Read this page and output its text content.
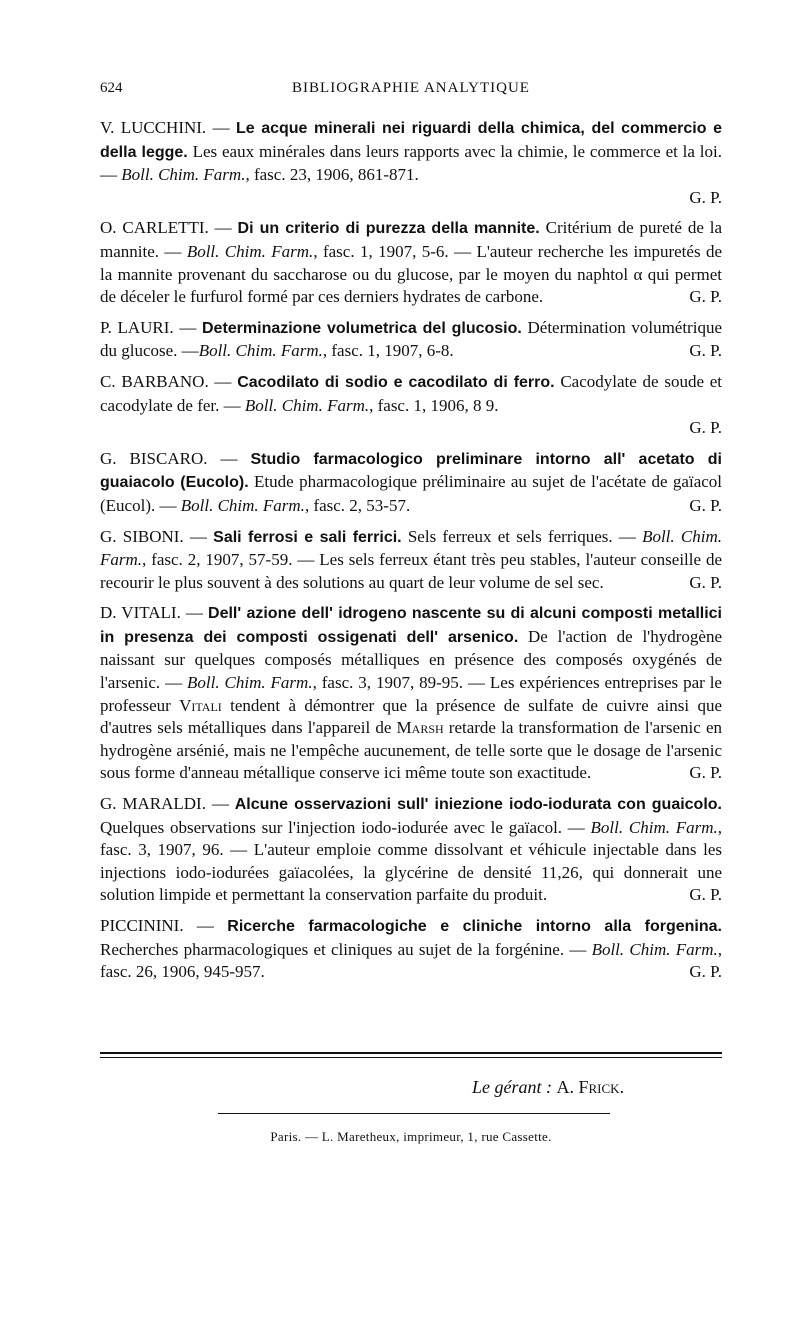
624	BIBLIOGRAPHIE ANALYTIQUE

V. LUCCHINI. — Le acque minerali nei riguardi della chimica, del commercio e della legge. Les eaux minérales dans leurs rapports avec la chimie, le commerce et la loi. — Boll. Chim. Farm., fasc. 23, 1906, 861-871.
G. P.

O. CARLETTI. — Di un criterio di purezza della mannite. Critérium de pureté de la mannite. — Boll. Chim. Farm., fasc. 1, 1907, 5-6. — L'auteur recherche les impuretés de la mannite provenant du saccharose ou du glucose, par le moyen du naphtol α qui permet de déceler le furfurol formé par ces derniers hydrates de carbone.	G. P.

P. LAURI. — Determinazione volumetrica del glucosio. Détermination volumétrique du glucose. —Boll. Chim. Farm., fasc. 1, 1907, 6-8.	G. P.

C. BARBANO. — Cacodilato di sodio e cacodilato di ferro. Cacodylate de soude et cacodylate de fer. — Boll. Chim. Farm., fasc. 1, 1906, 8 9.
G. P.

G. BISCARO. — Studio farmacologico preliminare intorno all' acetato di guaiacolo (Eucolo). Etude pharmacologique préliminaire au sujet de l'acétate de gaïacol (Eucol). — Boll. Chim. Farm., fasc. 2, 53-57.	G. P.

G. SIBONI. — Sali ferrosi e sali ferrici. Sels ferreux et sels ferriques. — Boll. Chim. Farm., fasc. 2, 1907, 57-59. — Les sels ferreux étant très peu stables, l'auteur conseille de recourir le plus souvent à des solutions au quart de leur volume de sel sec.	G. P.

D. VITALI. — Dell' azione dell' idrogeno nascente su di alcuni composti metallici in presenza dei composti ossigenati dell' arsenico. De l'action de l'hydrogène naissant sur quelques composés métalliques en présence des composés oxygénés de l'arsenic. — Boll. Chim. Farm., fasc. 3, 1907, 89-95. — Les expériences entreprises par le professeur Vitali tendent à démontrer que la présence de sulfate de cuivre ainsi que d'autres sels métalliques dans l'appareil de Marsh retarde la transformation de l'arsenic en hydrogène arsénié, mais ne l'empêche aucunement, de telle sorte que le dosage de l'arsenic sous forme d'anneau métallique conserve ici même toute son exactitude.	G. P.

G. MARALDI. — Alcune osservazioni sull' iniezione iodo-iodurata con guaicolo. Quelques observations sur l'injection iodo-iodurée avec le gaïacol. — Boll. Chim. Farm., fasc. 3, 1907, 96. — L'auteur emploie comme dissolvant et véhicule injectable dans les injections iodo-iodurées gaïacolées, la glycérine de densité 11,26, qui donnerait une solution limpide et permettant la conservation parfaite du produit.	G. P.

PICCININI. — Ricerche farmacologiche e cliniche intorno alla forgenina. Recherches pharmacologiques et cliniques au sujet de la forgénine. — Boll. Chim. Farm., fasc. 26, 1906, 945-957.	G. P.

Le gérant : A. Frick.
Paris. — L. Maretheux, imprimeur, 1, rue Cassette.
